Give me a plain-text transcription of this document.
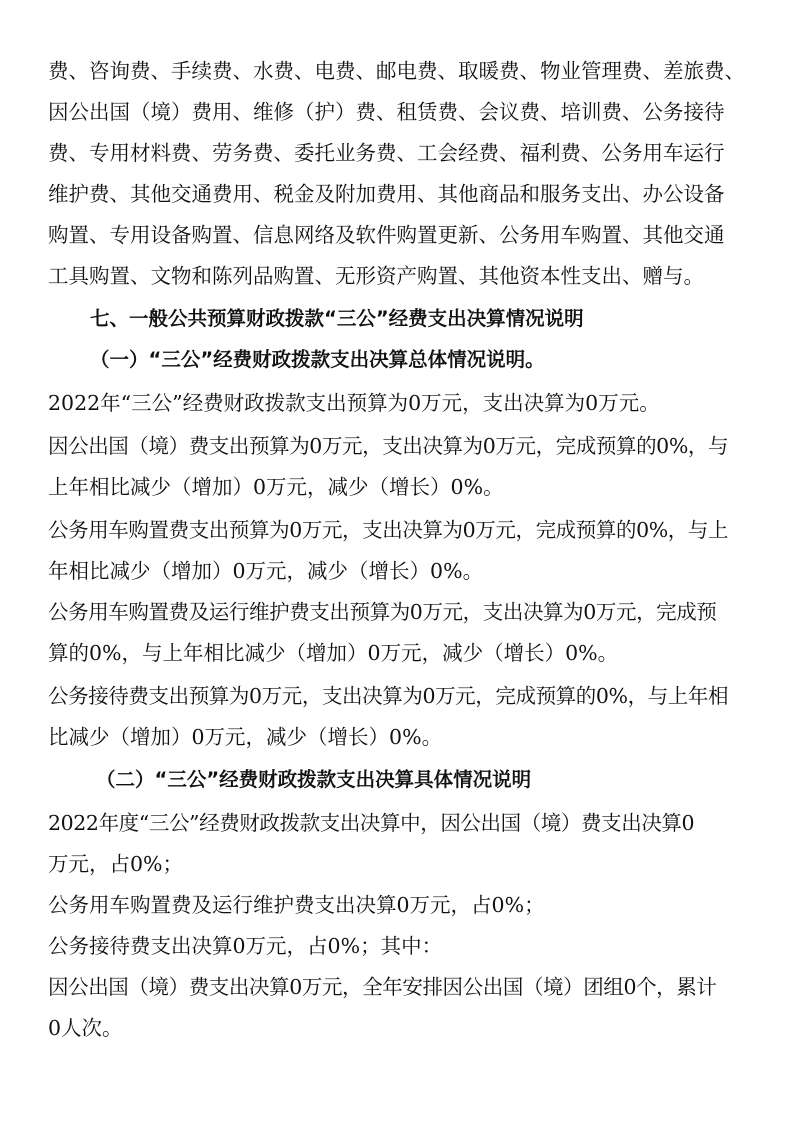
费、咨询费、手续费、水费、电费、邮电费、取暖费、物业管理费、差旅费、
因公出国（境）费用、维修（护）费、租赁费、会议费、培训费、公务接待
费、专用材料费、劳务费、委托业务费、工会经费、福利费、公务用车运行
维护费、其他交通费用、税金及附加费用、其他商品和服务支出、办公设备
购置、专用设备购置、信息网络及软件购置更新、公务用车购置、其他交通
工具购置、文物和陈列品购置、无形资产购置、其他资本性支出、赠与。
七、一般公共预算财政拨款“三公”经费支出决算情况说明
（一）“三公”经费财政拨款支出决算总体情况说明。
2022年“三公”经费财政拨款支出预算为0万元，支出决算为0万元。
因公出国（境）费支出预算为0万元，支出决算为0万元，完成预算的0%，与
上年相比减少（增加）0万元，减少（增长）0%。
公务用车购置费支出预算为0万元，支出决算为0万元，完成预算的0%，与上
年相比减少（增加）0万元，减少（增长）0%。
公务用车购置费及运行维护费支出预算为0万元，支出决算为0万元，完成预
算的0%，与上年相比减少（增加）0万元，减少（增长）0%。
公务接待费支出预算为0万元，支出决算为0万元，完成预算的0%，与上年相
比减少（增加）0万元，减少（增长）0%。
（二）“三公”经费财政拨款支出决算具体情况说明
2022年度“三公”经费财政拨款支出决算中，因公出国（境）费支出决算0
万元，占0%；
公务用车购置费及运行维护费支出决算0万元，占0%；
公务接待费支出决算0万元，占0%；其中：
因公出国（境）费支出决算0万元，全年安排因公出国（境）团组0个，累计
0人次。
